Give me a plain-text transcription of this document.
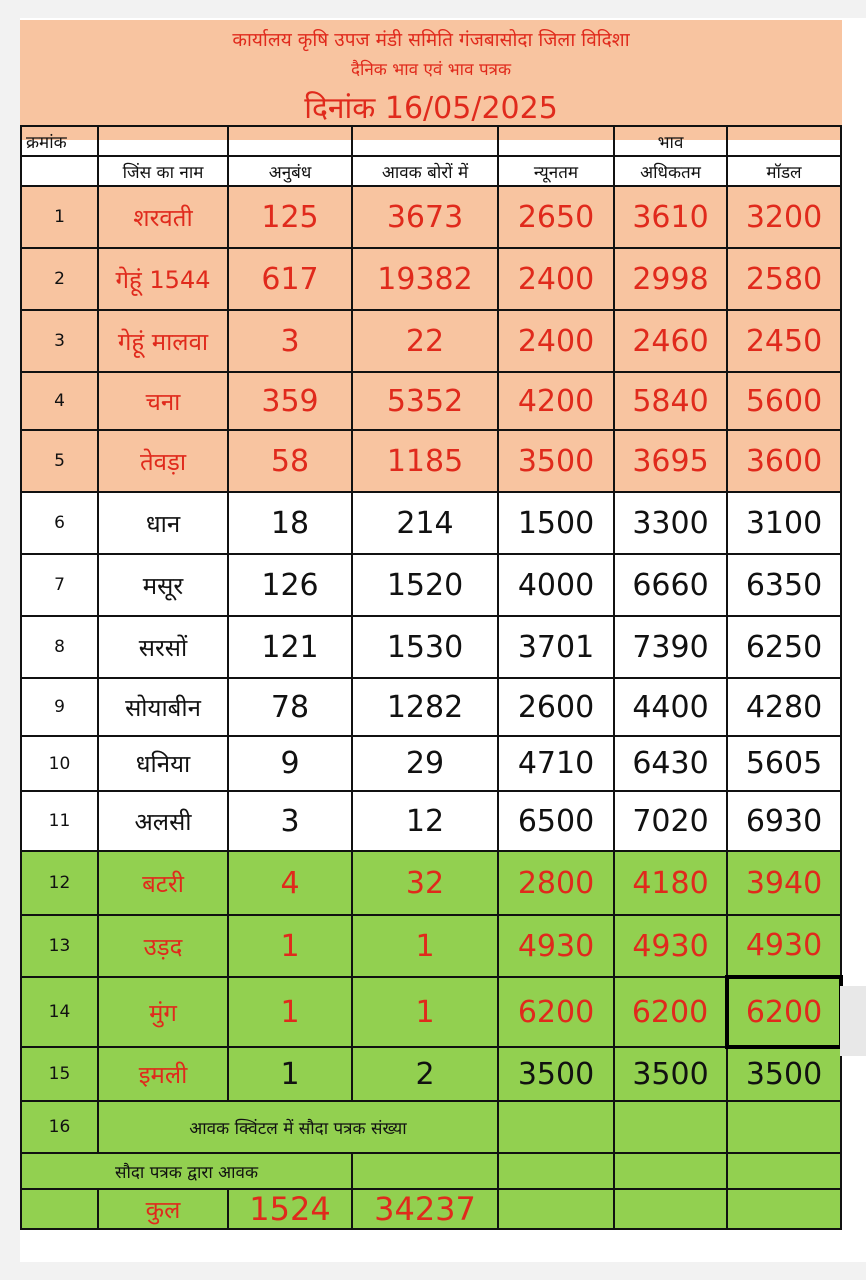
कार्यालय कृषि उपज मंडी समिति गंजबासोदा जिला विदिशा
दैनिक भाव एवं भाव पत्रक
दिनांक 16/05/2025
क्रमांक					भाव	
	जिंस का नाम	अनुबंध	आवक बोरों में	न्यूनतम	अधिकतम	मॉडल
1	शरवती	125	3673	2650	3610	3200
2	गेहूं 1544	617	19382	2400	2998	2580
3	गेहूं मालवा	3	22	2400	2460	2450
4	चना	359	5352	4200	5840	5600
5	तेवड़ा	58	1185	3500	3695	3600
6	धान	18	214	1500	3300	3100
7	मसूर	126	1520	4000	6660	6350
8	सरसों	121	1530	3701	7390	6250
9	सोयाबीन	78	1282	2600	4400	4280
10	धनिया	9	29	4710	6430	5605
11	अलसी	3	12	6500	7020	6930
12	बटरी	4	32	2800	4180	3940
13	उड़द	1	1	4930	4930	4930
14	मुंग	1	1	6200	6200	6200
15	इमली	1	2	3500	3500	3500
16	आवक क्विंटल में सौदा पत्रक संख्या					
सौदा पत्रक द्वारा आवक						
	कुल	1524	34237			
